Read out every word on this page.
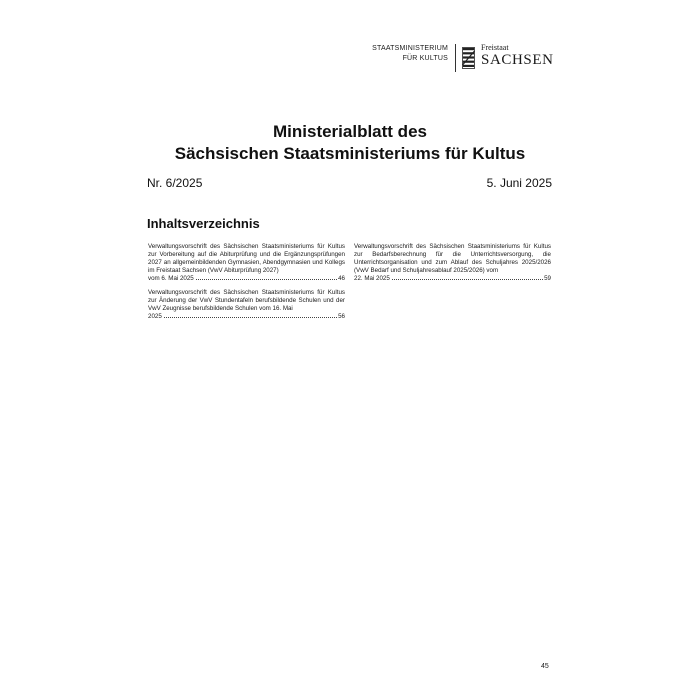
STAATSMINISTERIUM
FÜR KULTUS
Freistaat
SACHSEN
Ministerialblatt des
Sächsischen Staatsministeriums für Kultus
Nr. 6/2025	5. Juni 2025
Inhaltsverzeichnis
Verwaltungsvorschrift des Sächsischen Staatsministeriums für Kultus zur Vorbereitung auf die Abiturprüfung und die Ergänzungsprüfungen 2027 an allgemeinbildenden Gymnasien, Abendgymnasien und Kollegs im Freistaat Sachsen (VwV Abiturprüfung 2027)
vom 6. Mai 2025	46
Verwaltungsvorschrift des Sächsischen Staatsministeriums für Kultus zur Änderung der VwV Stundentafeln berufsbildende Schulen und der VwV Zeugnisse berufsbildende Schulen vom 16. Mai
2025	56
Verwaltungsvorschrift des Sächsischen Staatsministeriums für Kultus zur Bedarfsberechnung für die Unterrichtsversorgung, die Unterrichtsorganisation und zum Ablauf des Schuljahres 2025/2026 (VwV Bedarf und Schuljahresablauf 2025/2026) vom
22. Mai 2025	59
45
